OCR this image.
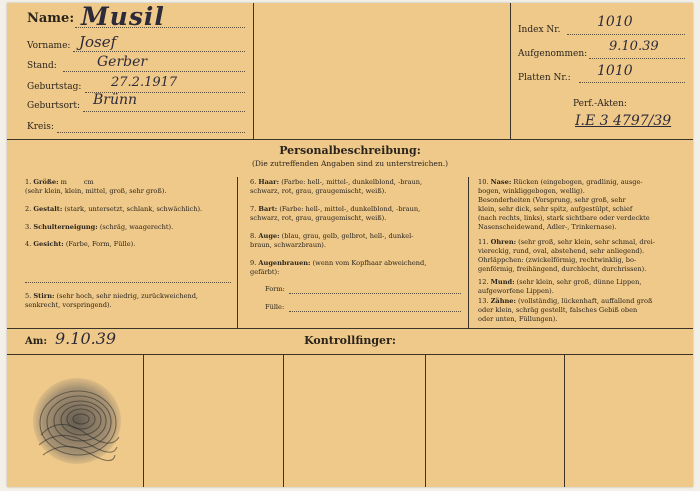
Name: Musil
Vorname: Josef
Stand:	Gerber
Geburtstag: 27.2.1917
Geburtsort: Brünn
Kreis:
Index Nr.	1010
Aufgenommen: 9.10.39
Platten Nr.: 1010
Perf.-Akten:
I.E 3 4797/39
Personalbeschreibung:
(Die zutreffenden Angaben sind zu unterstreichen.)
1. Größe: m        cm
(sehr klein, klein, mittel, groß, sehr groß).
2. Gestalt: (stark, untersetzt, schlank, schwächlich).
3. Schulterneigung: (schräg, waagerecht).
4. Gesicht: (Farbe, Form, Fülle).
5. Stirn: (sehr hoch, sehr niedrig, zurückweichend,
senkrecht, vorspringend).
6. Haar: (Farbe: hell-, mittel-, dunkelblond, -braun,
schwarz, rot, grau, graugemischt, weiß).
7. Bart: (Farbe: hell-, mittel-, dunkelblond, -braun,
schwarz, rot, grau, graugemischt, weiß).
8. Auge: (blau, grau, gelb, gelbrot, hell-, dunkel-
braun, schwarzbraun).
9. Augenbrauen: (wenn vom Kopfhaar abweichend,
gefärbt):
Form:
Fülle:
10. Nase: Rücken (eingebogen, gradlinig, ausge-
bogen, winkliggebogen, wellig).
Besonderheiten (Vorsprung, sehr groß, sehr
klein, sehr dick, sehr spitz, aufgestülpt, schief
(nach rechts, links), stark sichtbare oder verdeckte
Nasenscheidewand, Adler-, Trinkernase).
11. Ohren: (sehr groß, sehr klein, sehr schmal, drei-
viereckig, rund, oval, abstehend, sehr anliegend).
Ohrläppchen: (zwickelförmig, rechtwinklig, bo-
genförmig, freihängend, durchlocht, durchrissen).
12. Mund: (sehr klein, sehr groß, dünne Lippen,
aufgeworfene Lippen).
13. Zähne: (vollständig, lückenhaft, auffallend groß
oder klein, schräg gestellt, falsches Gebiß oben
oder unten, Füllungen).
Am: 9.10.39	Kontrollfinger:
